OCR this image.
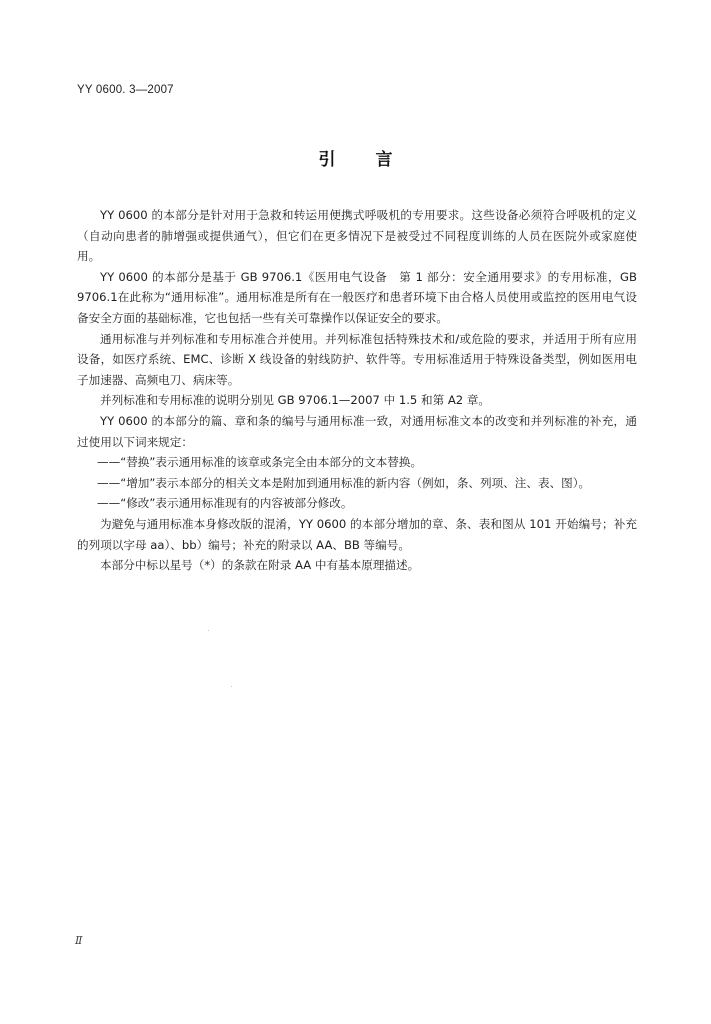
YY 0600. 3—2007
引言

YY 0600 的本部分是针对用于急救和转运用便携式呼吸机的专用要求。这些设备必须符合呼吸机的定义（自动向患者的肺增强或提供通气），但它们在更多情况下是被受过不同程度训练的人员在医院外或家庭使用。

YY 0600 的本部分是基于 GB 9706.1《医用电气设备　第 1 部分：安全通用要求》的专用标准，GB 9706.1在此称为“通用标准”。通用标准是所有在一般医疗和患者环境下由合格人员使用或监控的医用电气设备安全方面的基础标准，它也包括一些有关可靠操作以保证安全的要求。

通用标准与并列标准和专用标准合并使用。并列标准包括特殊技术和/或危险的要求，并适用于所有应用设备，如医疗系统、EMC、诊断 X 线设备的射线防护、软件等。专用标准适用于特殊设备类型，例如医用电子加速器、高频电刀、病床等。

并列标准和专用标准的说明分别见 GB 9706.1—2007 中 1.5 和第 A2 章。

YY 0600 的本部分的篇、章和条的编号与通用标准一致，对通用标准文本的改变和并列标准的补充，通过使用以下词来规定：

——“替换”表示通用标准的该章或条完全由本部分的文本替换。

——“增加”表示本部分的相关文本是附加到通用标准的新内容（例如，条、列项、注、表、图）。

——“修改”表示通用标准现有的内容被部分修改。

为避免与通用标准本身修改版的混淆，YY 0600 的本部分增加的章、条、表和图从 101 开始编号；补充的列项以字母 aa）、bb）编号；补充的附录以 AA、BB 等编号。

本部分中标以星号（*）的条款在附录 AA 中有基本原理描述。

Ⅱ
